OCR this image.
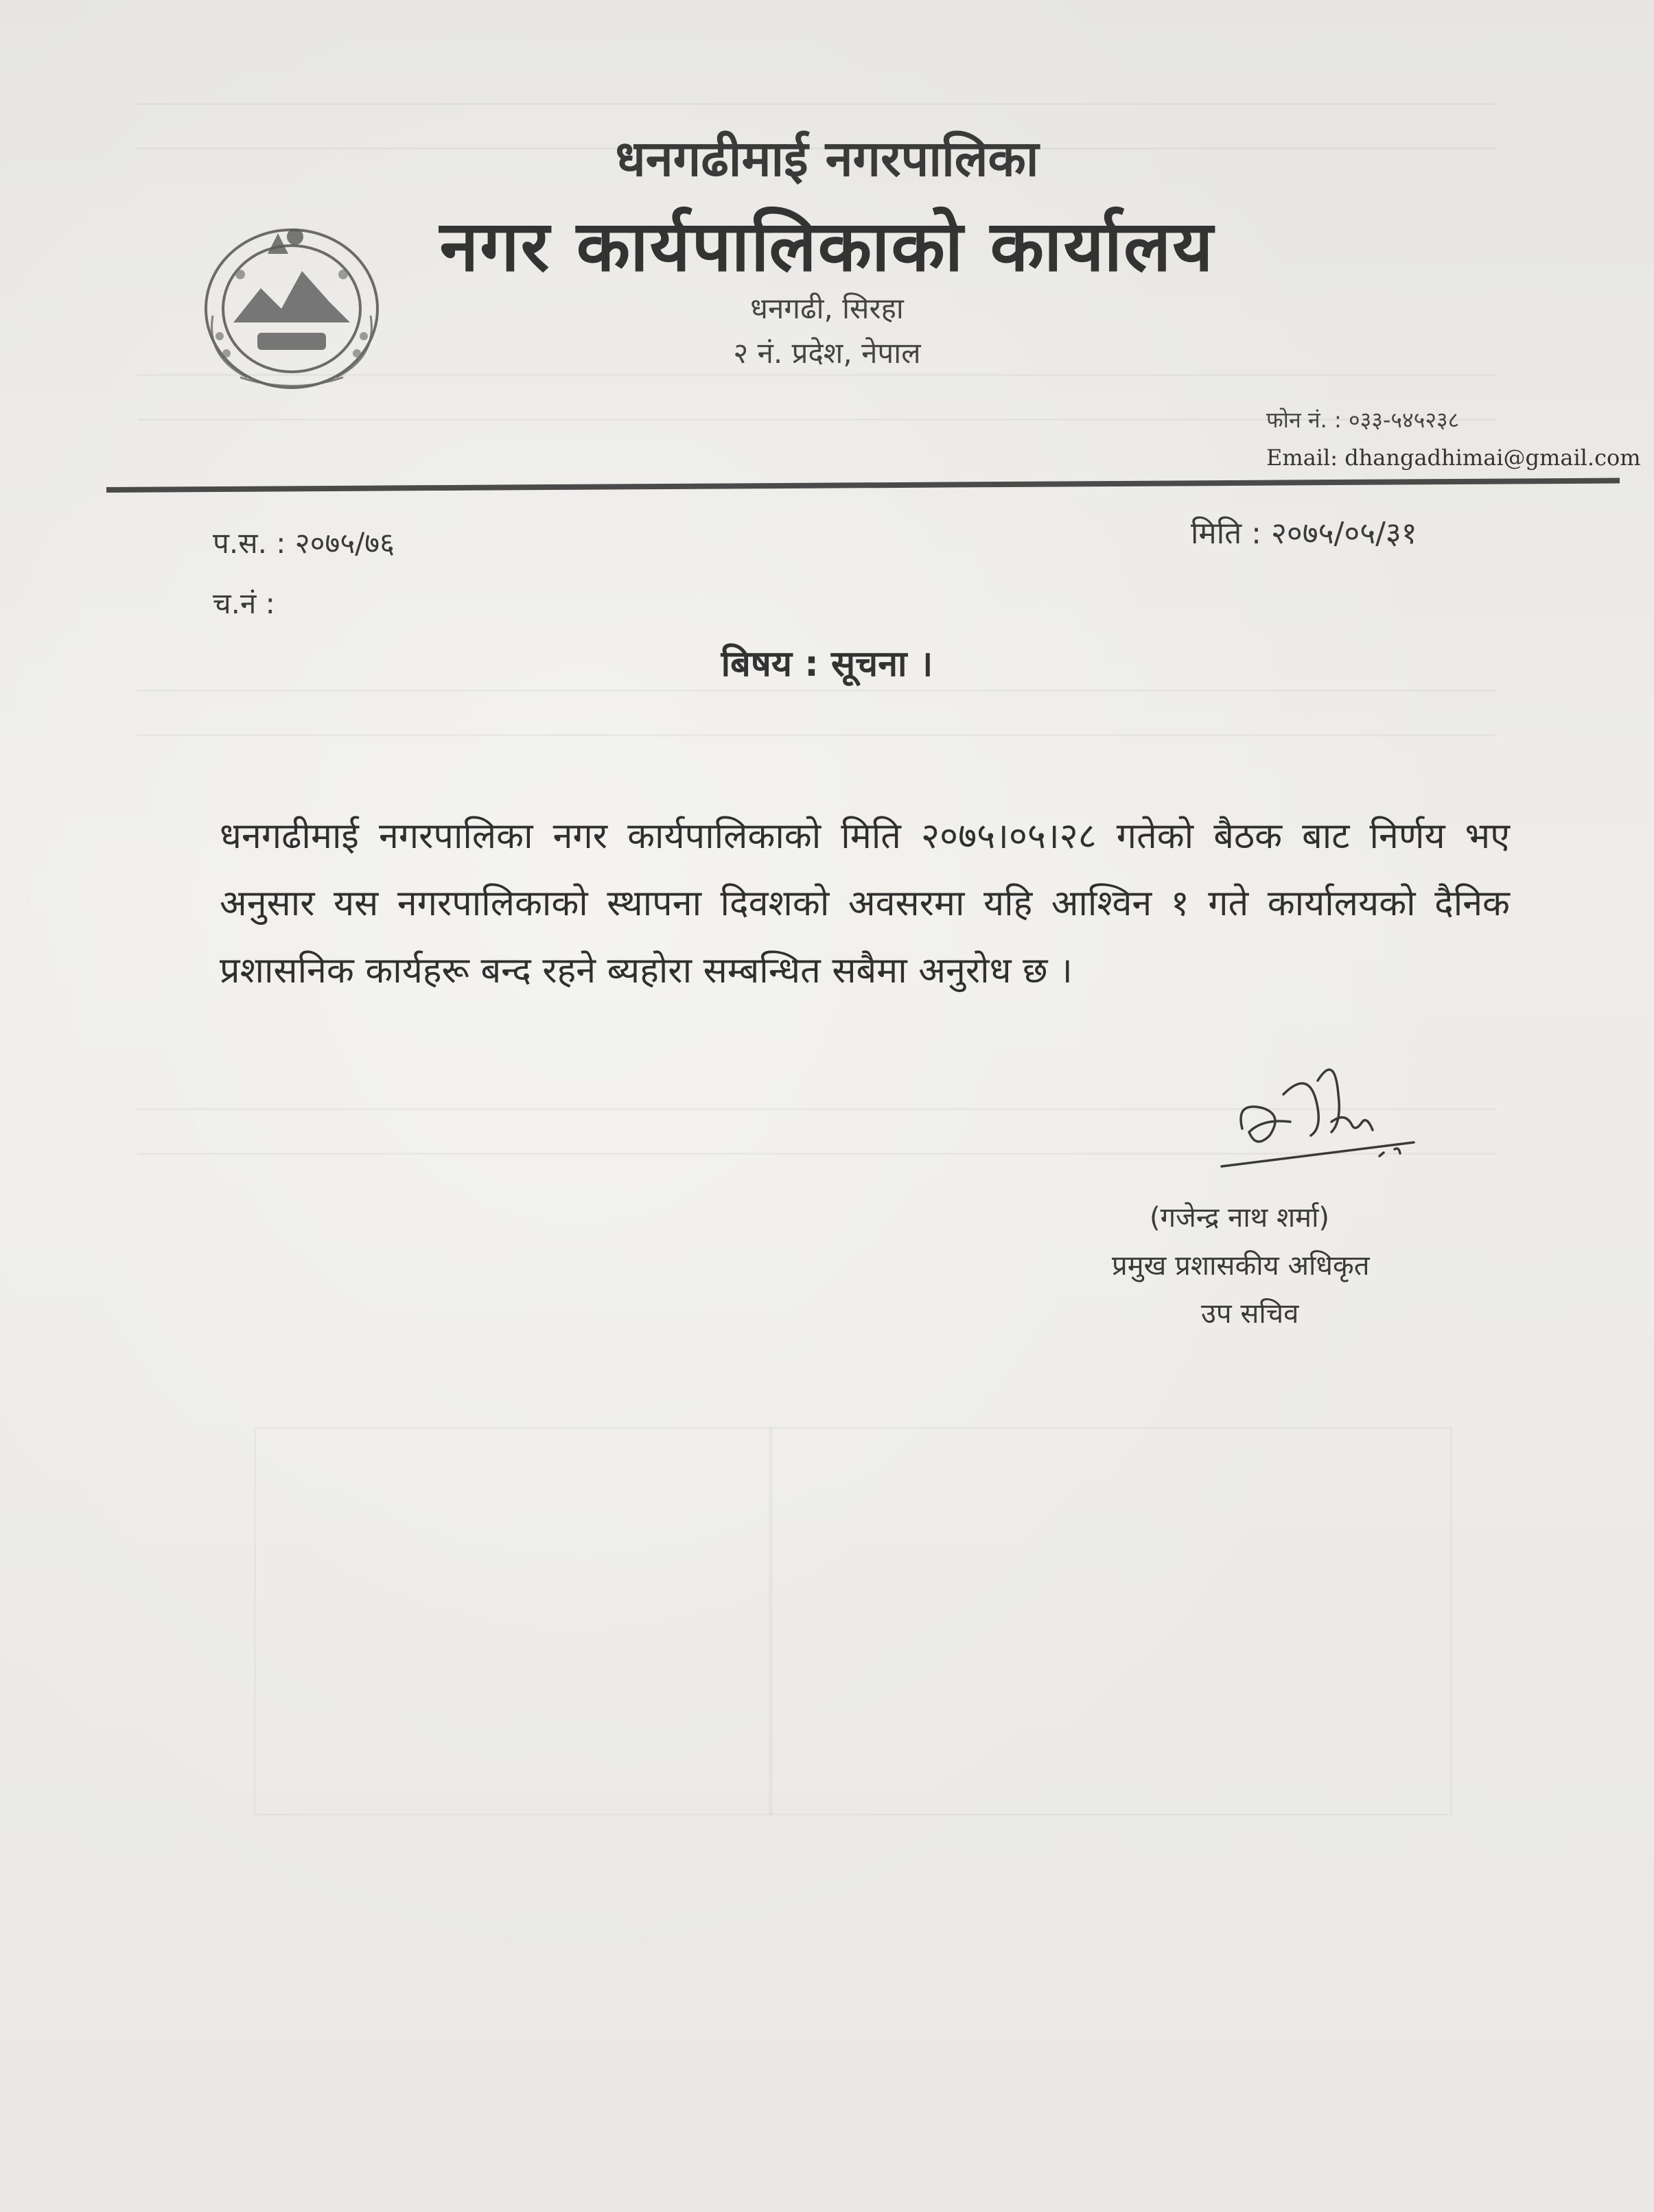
धनगढीमाई नगरपालिका
नगर कार्यपालिकाको कार्यालय
धनगढी, सिरहा
२ नं. प्रदेश, नेपाल
फोन नं. : ०३३-५४५२३८
Email: dhangadhimai@gmail.com
प.स. : २०७५/७६	मिति : २०७५/०५/३१
च.नं :
बिषय : सूचना ।
धनगढीमाई नगरपालिका नगर कार्यपालिकाको मिति २०७५।०५।२८ गतेको बैठक बाट निर्णय भए अनुसार यस नगरपालिकाको स्थापना दिवशको अवसरमा यहि आश्विन १ गते कार्यालयको दैनिक प्रशासनिक कार्यहरू बन्द रहने ब्यहोरा सम्बन्धित सबैमा अनुरोध छ ।
(गजेन्द्र नाथ शर्मा)
प्रमुख प्रशासकीय अधिकृत
उप सचिव
